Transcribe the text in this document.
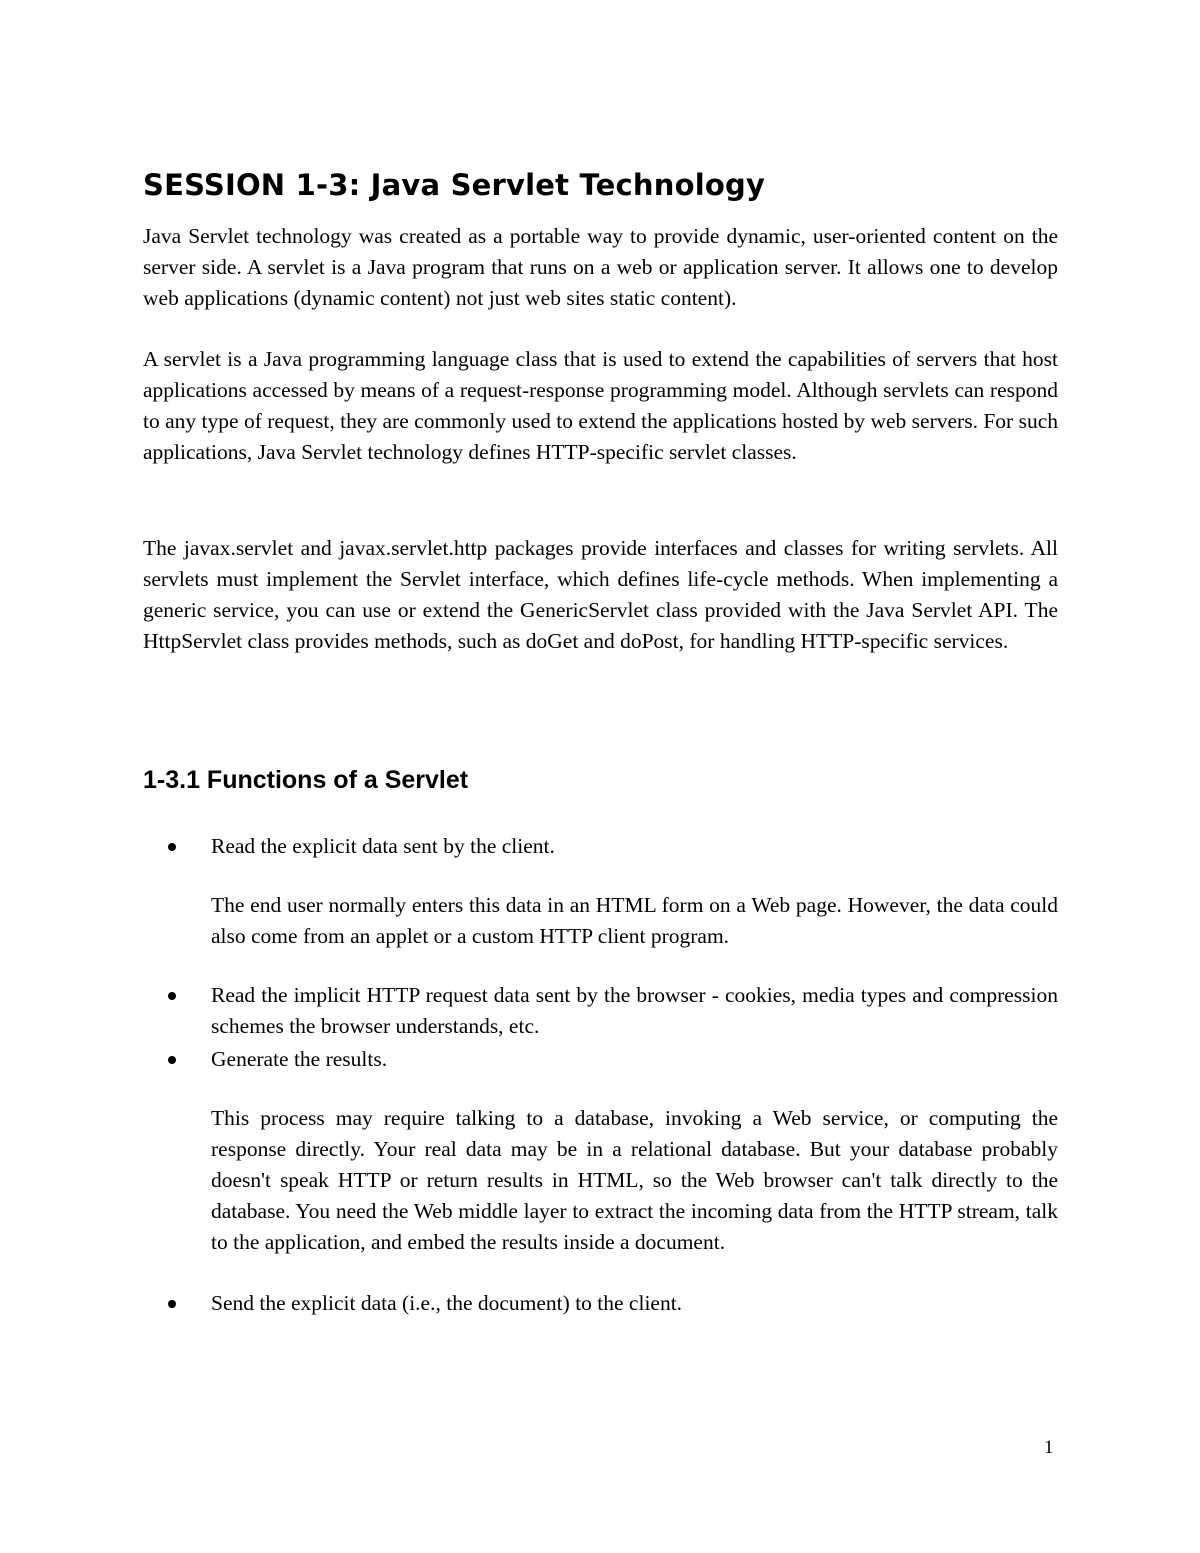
SESSION 1-3: Java Servlet Technology

Java Servlet technology was created as a portable way to provide dynamic, user-oriented content on the server side. A servlet is a Java program that runs on a web or application server. It allows one to develop web applications (dynamic content) not just web sites static content).

A servlet is a Java programming language class that is used to extend the capabilities of servers that host applications accessed by means of a request-response programming model. Although servlets can respond to any type of request, they are commonly used to extend the applications hosted by web servers. For such applications, Java Servlet technology defines HTTP-specific servlet classes.

The javax.servlet and javax.servlet.http packages provide interfaces and classes for writing servlets. All servlets must implement the Servlet interface, which defines life-cycle methods. When implementing a generic service, you can use or extend the GenericServlet class provided with the Java Servlet API. The HttpServlet class provides methods, such as doGet and doPost, for handling HTTP-specific services.

1-3.1 Functions of a Servlet
Read the explicit data sent by the client.

The end user normally enters this data in an HTML form on a Web page. However, the data could also come from an applet or a custom HTTP client program.

Read the implicit HTTP request data sent by the browser - cookies, media types and compression schemes the browser understands, etc.
Generate the results.

This process may require talking to a database, invoking a Web service, or computing the response directly. Your real data may be in a relational database. But your database probably doesn't speak HTTP or return results in HTML, so the Web browser can't talk directly to the database. You need the Web middle layer to extract the incoming data from the HTTP stream, talk to the application, and embed the results inside a document.

Send the explicit data (i.e., the document) to the client.
1
